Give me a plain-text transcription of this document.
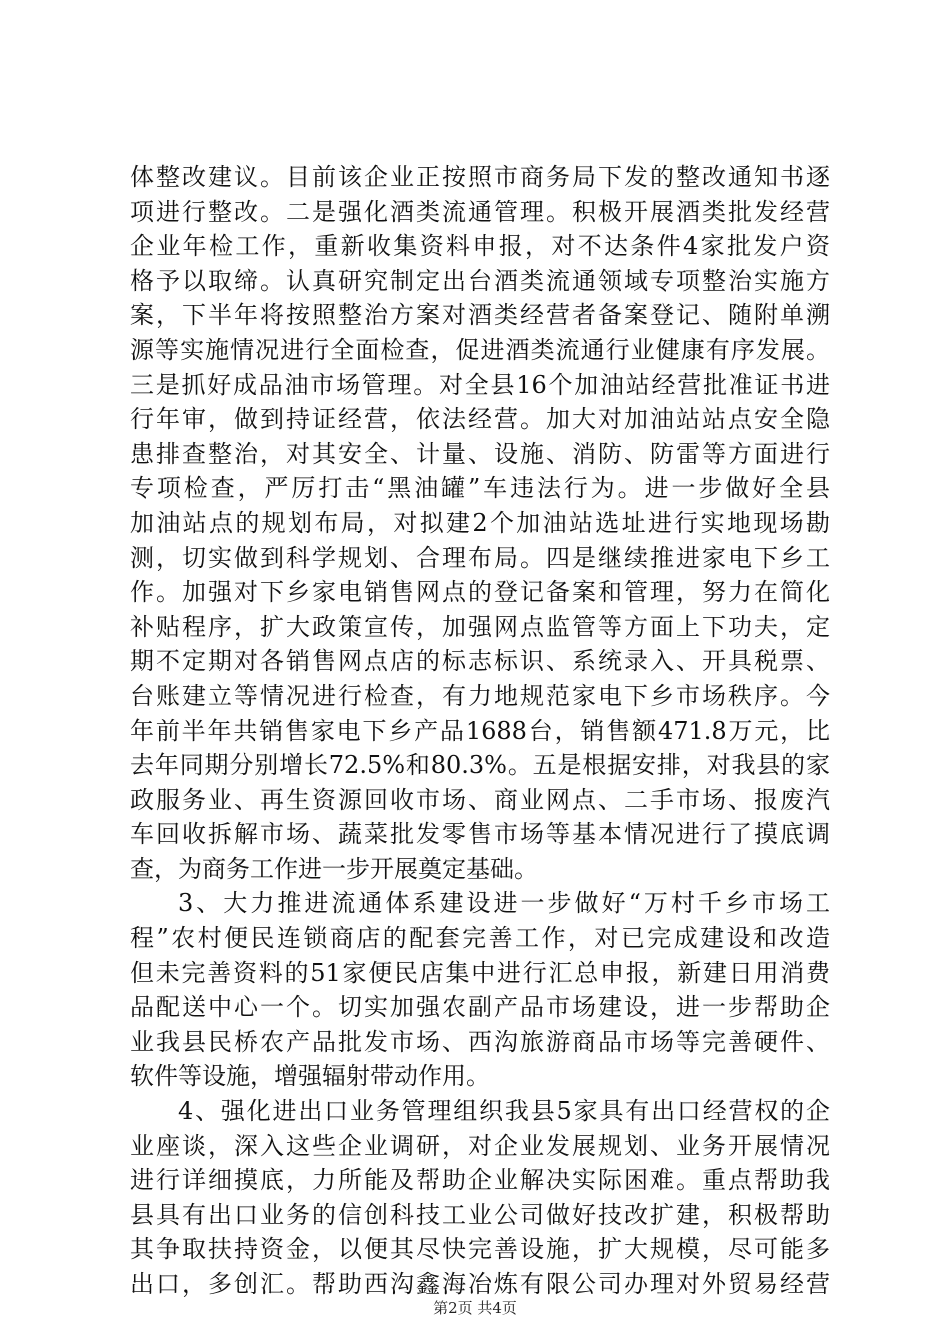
体整改建议。目前该企业正按照市商务局下发的整改通知书逐
项进行整改。二是强化酒类流通管理。积极开展酒类批发经营
企业年检工作，重新收集资料申报，对不达条件4家批发户资
格予以取缔。认真研究制定出台酒类流通领域专项整治实施方
案，下半年将按照整治方案对酒类经营者备案登记、随附单溯
源等实施情况进行全面检查，促进酒类流通行业健康有序发展。
三是抓好成品油市场管理。对全县16个加油站经营批准证书进
行年审，做到持证经营，依法经营。加大对加油站站点安全隐
患排查整治，对其安全、计量、设施、消防、防雷等方面进行
专项检查，严厉打击“黑油罐”车违法行为。进一步做好全县
加油站点的规划布局，对拟建2个加油站选址进行实地现场勘
测，切实做到科学规划、合理布局。四是继续推进家电下乡工
作。加强对下乡家电销售网点的登记备案和管理，努力在简化
补贴程序，扩大政策宣传，加强网点监管等方面上下功夫，定
期不定期对各销售网点店的标志标识、系统录入、开具税票、
台账建立等情况进行检查，有力地规范家电下乡市场秩序。今
年前半年共销售家电下乡产品1688台，销售额471.8万元，比
去年同期分别增长72.5%和80.3%。五是根据安排，对我县的家
政服务业、再生资源回收市场、商业网点、二手市场、报废汽
车回收拆解市场、蔬菜批发零售市场等基本情况进行了摸底调
查，为商务工作进一步开展奠定基础。
3、大力推进流通体系建设进一步做好“万村千乡市场工
程”农村便民连锁商店的配套完善工作，对已完成建设和改造
但未完善资料的51家便民店集中进行汇总申报，新建日用消费
品配送中心一个。切实加强农副产品市场建设，进一步帮助企
业我县民桥农产品批发市场、西沟旅游商品市场等完善硬件、
软件等设施，增强辐射带动作用。
4、强化进出口业务管理组织我县5家具有出口经营权的企
业座谈，深入这些企业调研，对企业发展规划、业务开展情况
进行详细摸底，力所能及帮助企业解决实际困难。重点帮助我
县具有出口业务的信创科技工业公司做好技改扩建，积极帮助
其争取扶持资金，以便其尽快完善设施，扩大规模，尽可能多
出口，多创汇。帮助西沟鑫海冶炼有限公司办理对外贸易经营
第2页 共4页
